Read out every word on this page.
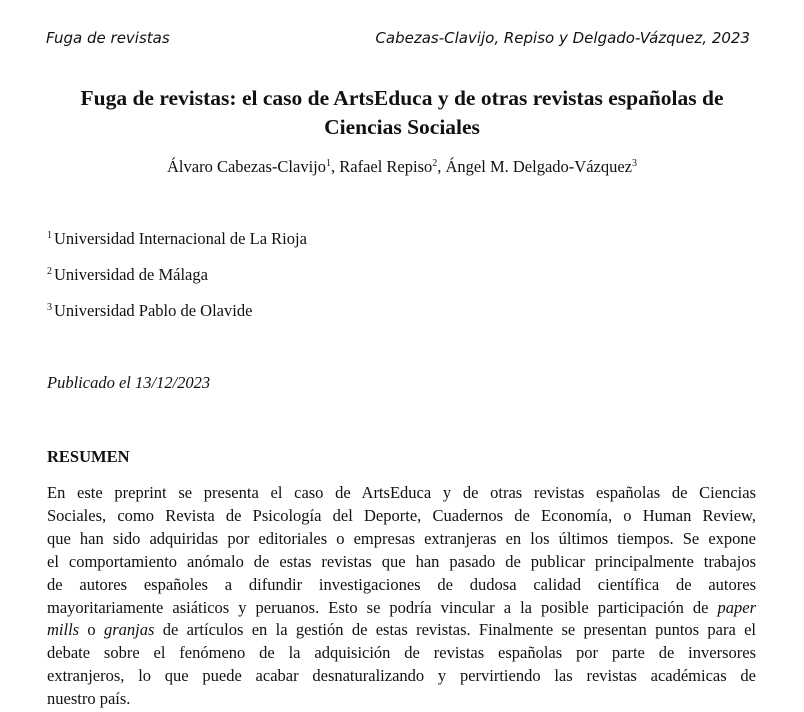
Fuga de revistas	Cabezas-Clavijo, Repiso y Delgado-Vázquez, 2023
Fuga de revistas: el caso de ArtsEduca y de otras revistas españolas de
Ciencias Sociales
Álvaro Cabezas-Clavijo$^1$, Rafael Repiso$^2$, Ángel M. Delgado-Vázquez$^3$
$^1$ Universidad Internacional de La Rioja
$^2$ Universidad de Málaga
$^3$ Universidad Pablo de Olavide
Publicado el 13/12/2023
RESUMEN
En este preprint se presenta el caso de ArtsEduca y de otras revistas españolas de Ciencias
Sociales, como Revista de Psicología del Deporte, Cuadernos de Economía, o Human Review,
que han sido adquiridas por editoriales o empresas extranjeras en los últimos tiempos. Se expone
el comportamiento anómalo de estas revistas que han pasado de publicar principalmente trabajos
de autores españoles a difundir investigaciones de dudosa calidad científica de autores
mayoritariamente asiáticos y peruanos. Esto se podría vincular a la posible participación de paper
mills o granjas de artículos en la gestión de estas revistas. Finalmente se presentan puntos para el
debate sobre el fenómeno de la adquisición de revistas españolas por parte de inversores
extranjeros, lo que puede acabar desnaturalizando y pervirtiendo las revistas académicas de
nuestro país.
